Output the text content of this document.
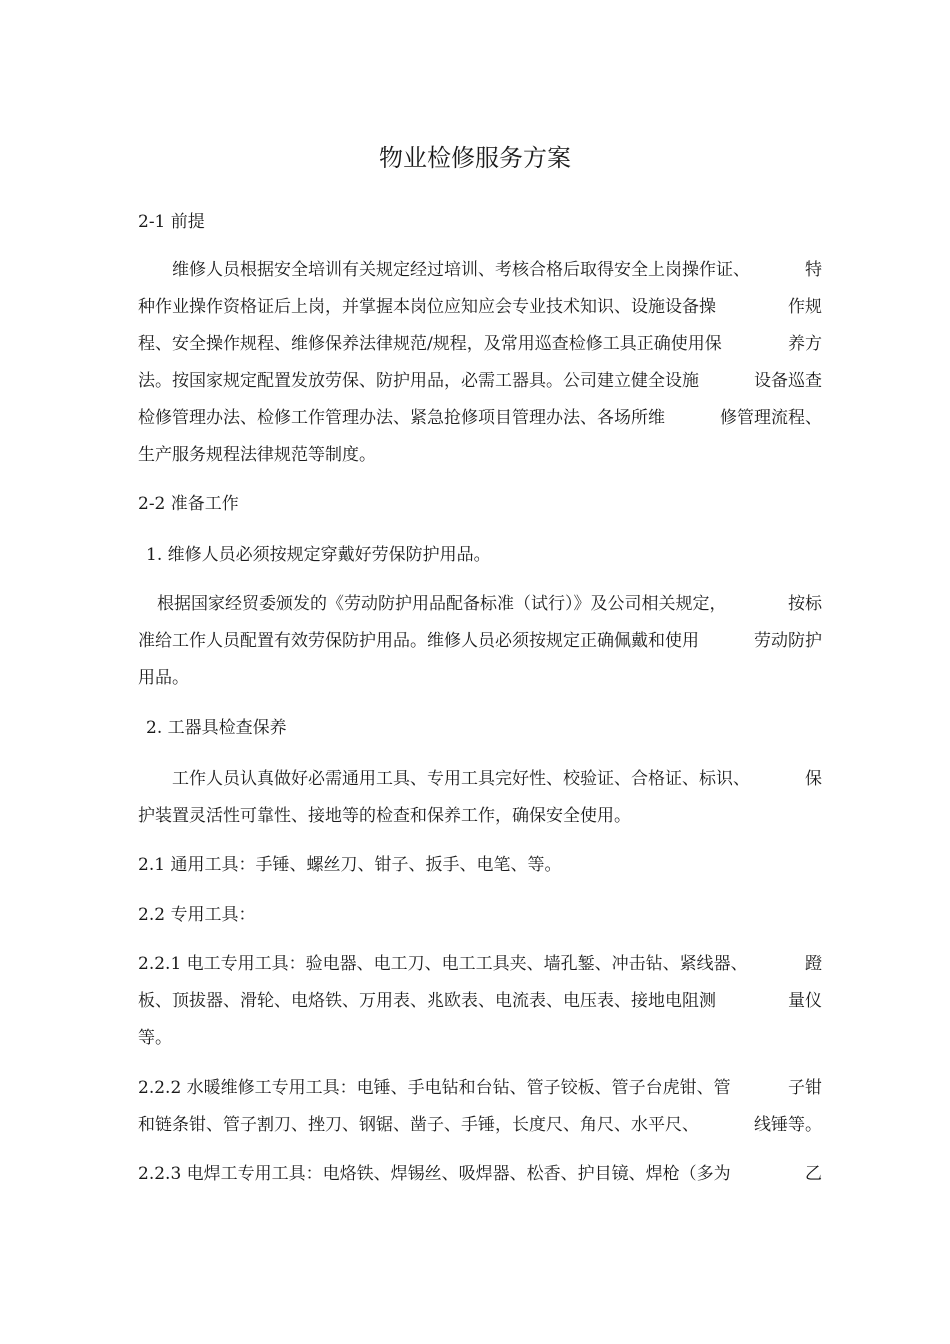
物业检修服务方案
2-1 前提
维修人员根据安全培训有关规定经过培训、考核合格后取得安全上岗操作证、	特
种作业操作资格证后上岗，并掌握本岗位应知应会专业技术知识、设施设备操	作规
程、安全操作规程、维修保养法律规范/规程，及常用巡查检修工具正确使用保	养方
法。按国家规定配置发放劳保、防护用品，必需工器具。公司建立健全设施	设备巡查
检修管理办法、检修工作管理办法、紧急抢修项目管理办法、各场所维	修管理流程、
生产服务规程法律规范等制度。
2-2 准备工作
1. 维修人员必须按规定穿戴好劳保防护用品。
根据国家经贸委颁发的《劳动防护用品配备标准（试行）》及公司相关规定，	按标
准给工作人员配置有效劳保防护用品。维修人员必须按规定正确佩戴和使用	劳动防护
用品。
2. 工器具检查保养
工作人员认真做好必需通用工具、专用工具完好性、校验证、合格证、标识、	保
护装置灵活性可靠性、接地等的检查和保养工作，确保安全使用。
2.1 通用工具：手锤、螺丝刀、钳子、扳手、电笔、等。
2.2 专用工具：
2.2.1 电工专用工具：验电器、电工刀、电工工具夹、墙孔錾、冲击钻、紧线器、	蹬
板、顶拔器、滑轮、电烙铁、万用表、兆欧表、电流表、电压表、接地电阻测	量仪
等。
2.2.2 水暖维修工专用工具：电锤、手电钻和台钻、管子铰板、管子台虎钳、管	子钳
和链条钳、管子割刀、挫刀、钢锯、凿子、手锤，长度尺、角尺、水平尺、	线锤等。
2.2.3 电焊工专用工具：电烙铁、焊锡丝、吸焊器、松香、护目镜、焊枪（多为	乙
